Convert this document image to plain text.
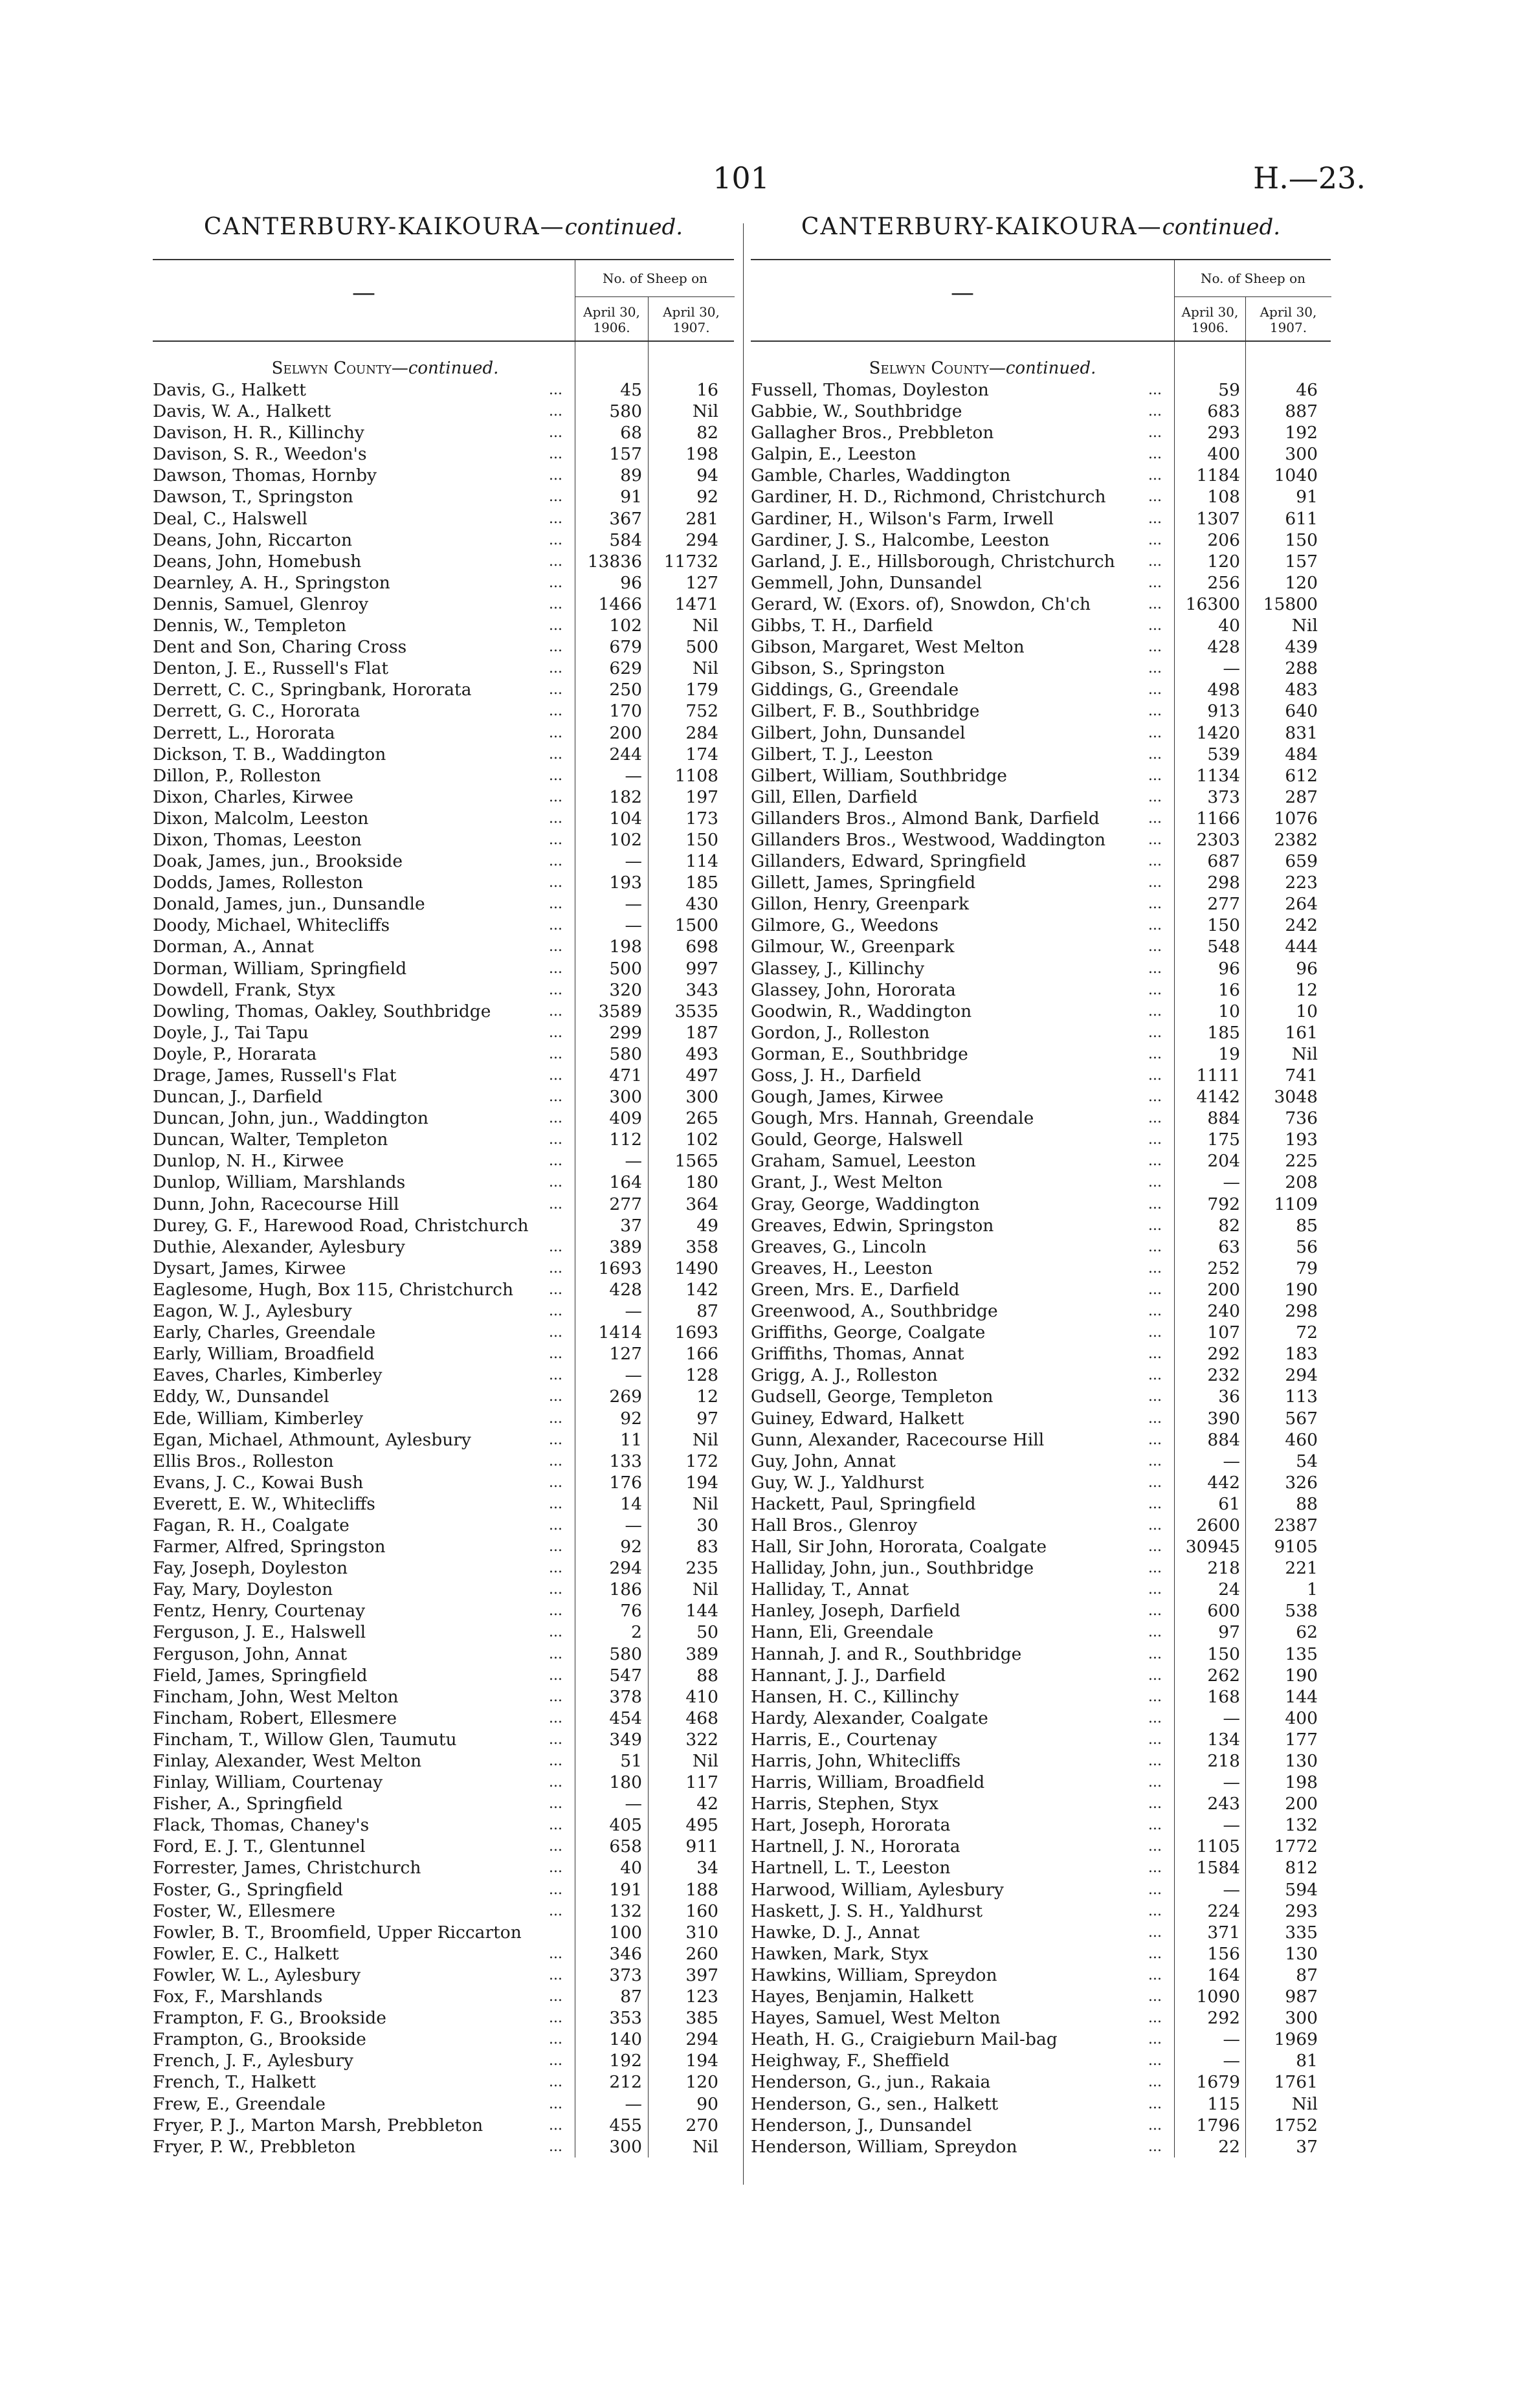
101	H.—23.
CANTERBURY-KAIKOURA—continued.
—
No. of Sheep on
April 30, 1906.
April 30, 1907.
Selwyn County—continued.
Davis, G., Halkett	...	45	16
Davis, W. A., Halkett	...	580	Nil
Davison, H. R., Killinchy	...	68	82
Davison, S. R., Weedon's	...	157	198
Dawson, Thomas, Hornby	...	89	94
Dawson, T., Springston	...	91	92
Deal, C., Halswell	...	367	281
Deans, John, Riccarton	...	584	294
Deans, John, Homebush	...	13836	11732
Dearnley, A. H., Springston	...	96	127
Dennis, Samuel, Glenroy	...	1466	1471
Dennis, W., Templeton	...	102	Nil
Dent and Son, Charing Cross	...	679	500
Denton, J. E., Russell's Flat	...	629	Nil
Derrett, C. C., Springbank, Hororata	...	250	179
Derrett, G. C., Hororata	...	170	752
Derrett, L., Hororata	...	200	284
Dickson, T. B., Waddington	...	244	174
Dillon, P., Rolleston	...	—	1108
Dixon, Charles, Kirwee	...	182	197
Dixon, Malcolm, Leeston	...	104	173
Dixon, Thomas, Leeston	...	102	150
Doak, James, jun., Brookside	...	—	114
Dodds, James, Rolleston	...	193	185
Donald, James, jun., Dunsandle	...	—	430
Doody, Michael, Whitecliffs	...	—	1500
Dorman, A., Annat	...	198	698
Dorman, William, Springfield	...	500	997
Dowdell, Frank, Styx	...	320	343
Dowling, Thomas, Oakley, Southbridge	...	3589	3535
Doyle, J., Tai Tapu	...	299	187
Doyle, P., Horarata	...	580	493
Drage, James, Russell's Flat	...	471	497
Duncan, J., Darfield	...	300	300
Duncan, John, jun., Waddington	...	409	265
Duncan, Walter, Templeton	...	112	102
Dunlop, N. H., Kirwee	...	—	1565
Dunlop, William, Marshlands	...	164	180
Dunn, John, Racecourse Hill	...	277	364
Durey, G. F., Harewood Road, Christchurch	37	49
Duthie, Alexander, Aylesbury	...	389	358
Dysart, James, Kirwee	...	1693	1490
Eaglesome, Hugh, Box 115, Christchurch	...	428	142
Eagon, W. J., Aylesbury	...	—	87
Early, Charles, Greendale	...	1414	1693
Early, William, Broadfield	...	127	166
Eaves, Charles, Kimberley	...	—	128
Eddy, W., Dunsandel	...	269	12
Ede, William, Kimberley	...	92	97
Egan, Michael, Athmount, Aylesbury	...	11	Nil
Ellis Bros., Rolleston	...	133	172
Evans, J. C., Kowai Bush	...	176	194
Everett, E. W., Whitecliffs	...	14	Nil
Fagan, R. H., Coalgate	...	—	30
Farmer, Alfred, Springston	...	92	83
Fay, Joseph, Doyleston	...	294	235
Fay, Mary, Doyleston	...	186	Nil
Fentz, Henry, Courtenay	...	76	144
Ferguson, J. E., Halswell	...	2	50
Ferguson, John, Annat	...	580	389
Field, James, Springfield	...	547	88
Fincham, John, West Melton	...	378	410
Fincham, Robert, Ellesmere	...	454	468
Fincham, T., Willow Glen, Taumutu	...	349	322
Finlay, Alexander, West Melton	...	51	Nil
Finlay, William, Courtenay	...	180	117
Fisher, A., Springfield	...	—	42
Flack, Thomas, Chaney's	...	405	495
Ford, E. J. T., Glentunnel	...	658	911
Forrester, James, Christchurch	...	40	34
Foster, G., Springfield	...	191	188
Foster, W., Ellesmere	...	132	160
Fowler, B. T., Broomfield, Upper Riccarton	100	310
Fowler, E. C., Halkett	...	346	260
Fowler, W. L., Aylesbury	...	373	397
Fox, F., Marshlands	...	87	123
Frampton, F. G., Brookside	...	353	385
Frampton, G., Brookside	...	140	294
French, J. F., Aylesbury	...	192	194
French, T., Halkett	...	212	120
Frew, E., Greendale	...	—	90
Fryer, P. J., Marton Marsh, Prebbleton	...	455	270
Fryer, P. W., Prebbleton	...	300	Nil
CANTERBURY-KAIKOURA—continued.
—
No. of Sheep on
April 30, 1906.
April 30, 1907.
Selwyn County—continued.
Fussell, Thomas, Doyleston	...	59	46
Gabbie, W., Southbridge	...	683	887
Gallagher Bros., Prebbleton	...	293	192
Galpin, E., Leeston	...	400	300
Gamble, Charles, Waddington	...	1184	1040
Gardiner, H. D., Richmond, Christchurch	...	108	91
Gardiner, H., Wilson's Farm, Irwell	...	1307	611
Gardiner, J. S., Halcombe, Leeston	...	206	150
Garland, J. E., Hillsborough, Christchurch	...	120	157
Gemmell, John, Dunsandel	...	256	120
Gerard, W. (Exors. of), Snowdon, Ch'ch	...	16300	15800
Gibbs, T. H., Darfield	...	40	Nil
Gibson, Margaret, West Melton	...	428	439
Gibson, S., Springston	...	—	288
Giddings, G., Greendale	...	498	483
Gilbert, F. B., Southbridge	...	913	640
Gilbert, John, Dunsandel	...	1420	831
Gilbert, T. J., Leeston	...	539	484
Gilbert, William, Southbridge	...	1134	612
Gill, Ellen, Darfield	...	373	287
Gillanders Bros., Almond Bank, Darfield	...	1166	1076
Gillanders Bros., Westwood, Waddington	...	2303	2382
Gillanders, Edward, Springfield	...	687	659
Gillett, James, Springfield	...	298	223
Gillon, Henry, Greenpark	...	277	264
Gilmore, G., Weedons	...	150	242
Gilmour, W., Greenpark	...	548	444
Glassey, J., Killinchy	...	96	96
Glassey, John, Hororata	...	16	12
Goodwin, R., Waddington	...	10	10
Gordon, J., Rolleston	...	185	161
Gorman, E., Southbridge	...	19	Nil
Goss, J. H., Darfield	...	1111	741
Gough, James, Kirwee	...	4142	3048
Gough, Mrs. Hannah, Greendale	...	884	736
Gould, George, Halswell	...	175	193
Graham, Samuel, Leeston	...	204	225
Grant, J., West Melton	...	—	208
Gray, George, Waddington	...	792	1109
Greaves, Edwin, Springston	...	82	85
Greaves, G., Lincoln	...	63	56
Greaves, H., Leeston	...	252	79
Green, Mrs. E., Darfield	...	200	190
Greenwood, A., Southbridge	...	240	298
Griffiths, George, Coalgate	...	107	72
Griffiths, Thomas, Annat	...	292	183
Grigg, A. J., Rolleston	...	232	294
Gudsell, George, Templeton	...	36	113
Guiney, Edward, Halkett	...	390	567
Gunn, Alexander, Racecourse Hill	...	884	460
Guy, John, Annat	...	—	54
Guy, W. J., Yaldhurst	...	442	326
Hackett, Paul, Springfield	...	61	88
Hall Bros., Glenroy	...	2600	2387
Hall, Sir John, Hororata, Coalgate	...	30945	9105
Halliday, John, jun., Southbridge	...	218	221
Halliday, T., Annat	...	24	1
Hanley, Joseph, Darfield	...	600	538
Hann, Eli, Greendale	...	97	62
Hannah, J. and R., Southbridge	...	150	135
Hannant, J. J., Darfield	...	262	190
Hansen, H. C., Killinchy	...	168	144
Hardy, Alexander, Coalgate	...	—	400
Harris, E., Courtenay	...	134	177
Harris, John, Whitecliffs	...	218	130
Harris, William, Broadfield	...	—	198
Harris, Stephen, Styx	...	243	200
Hart, Joseph, Hororata	...	—	132
Hartnell, J. N., Hororata	...	1105	1772
Hartnell, L. T., Leeston	...	1584	812
Harwood, William, Aylesbury	...	—	594
Haskett, J. S. H., Yaldhurst	...	224	293
Hawke, D. J., Annat	...	371	335
Hawken, Mark, Styx	...	156	130
Hawkins, William, Spreydon	...	164	87
Hayes, Benjamin, Halkett	...	1090	987
Hayes, Samuel, West Melton	...	292	300
Heath, H. G., Craigieburn Mail-bag	...	—	1969
Heighway, F., Sheffield	...	—	81
Henderson, G., jun., Rakaia	...	1679	1761
Henderson, G., sen., Halkett	...	115	Nil
Henderson, J., Dunsandel	...	1796	1752
Henderson, William, Spreydon	...	22	37
